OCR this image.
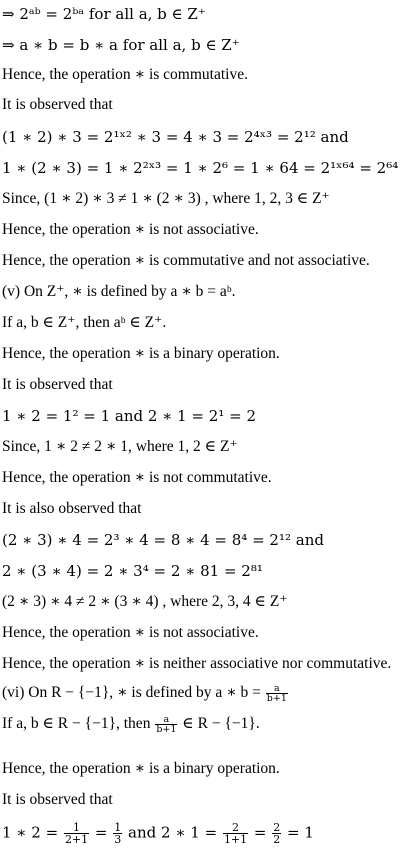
⇒ 2ᵃᵇ = 2ᵇᵃ for all a, b ∈ Z⁺
⇒ a ∗ b = b ∗ a for all a, b ∈ Z⁺
Hence, the operation ∗ is commutative.
It is observed that
(1 ∗ 2) ∗ 3 = 2¹ˣ² ∗ 3 = 4 ∗ 3 = 2⁴ˣ³ = 2¹² and
1 ∗ (2 ∗ 3) = 1 ∗ 2²ˣ³ = 1 ∗ 2⁶ = 1 ∗ 64 = 2¹ˣ⁶⁴ = 2⁶⁴
Since, (1 ∗ 2) ∗ 3 ≠ 1 ∗ (2 ∗ 3) , where 1, 2, 3 ∈ Z⁺
Hence, the operation ∗ is not associative.
Hence, the operation ∗ is commutative and not associative.
(v) On Z⁺, ∗ is defined by a ∗ b = aᵇ.
If a, b ∈ Z⁺, then aᵇ ∈ Z⁺.
Hence, the operation ∗ is a binary operation.
It is observed that
1 ∗ 2 = 1² = 1 and 2 ∗ 1 = 2¹ = 2
Since, 1 ∗ 2 ≠ 2 ∗ 1, where 1, 2 ∈ Z⁺
Hence, the operation ∗ is not commutative.
It is also observed that
(2 ∗ 3) ∗ 4 = 2³ ∗ 4 = 8 ∗ 4 = 8⁴ = 2¹² and
2 ∗ (3 ∗ 4) = 2 ∗ 3⁴ = 2 ∗ 81 = 2⁸¹
(2 ∗ 3) ∗ 4 ≠ 2 ∗ (3 ∗ 4) , where 2, 3, 4 ∈ Z⁺
Hence, the operation ∗ is not associative.
Hence, the operation ∗ is neither associative nor commutative.
(vi) On R − {−1}, ∗ is defined by a ∗ $b = \frac{a}{b+1}$
If a, b ∈ R − {−1}, then $\frac{a}{b+1}$ ∈ R − {−1}.
Hence, the operation ∗ is a binary operation.
It is observed that
1 ∗ $2 = \frac{1}{2+1} = \frac{1}{3}$ and 2 ∗ $1 = \frac{2}{1+1} = \frac{2}{2} = 1$
